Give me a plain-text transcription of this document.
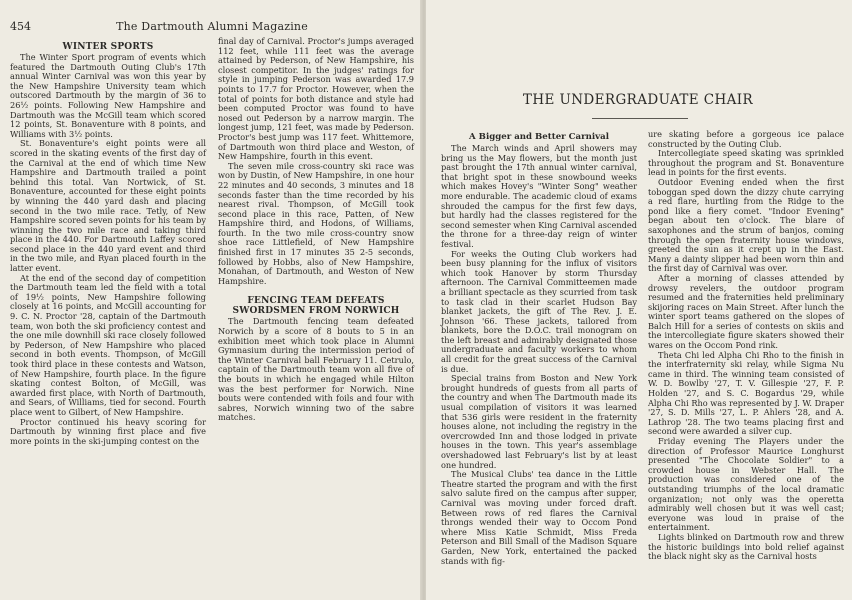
The Dartmouth Alumni Magazine
454
WINTER SPORTS

The Winter Sport program of events which featured the Dartmouth Outing Club's 17th annual Winter Carnival was won this year by the New Hampshire University team which outscored Dartmouth by the margin of 36 to 26½ points. Following New Hampshire and Dartmouth was the McGill team which scored 12 points, St. Bonaventure with 8 points, and Williams with 3½ points.

St. Bonaventure's eight points were all scored in the skating events of the first day of the Carnival at the end of which time New Hampshire and Dartmouth trailed a point behind this total. Van Nortwick, of St. Bonaventure, accounted for these eight points by winning the 440 yard dash and placing second in the two mile race. Tetly, of New Hampshire scored seven points for his team by winning the two mile race and taking third place in the 440. For Dartmouth Laffey scored second place in the 440 yard event and third in the two mile, and Ryan placed fourth in the latter event.

At the end of the second day of competition the Dartmouth team led the field with a total of 19½ points, New Hampshire following closely at 16 points, and McGill accounting for 9. C. N. Proctor '28, captain of the Dartmouth team, won both the ski proficiency contest and the one mile downhill ski race closely followed by Pederson, of New Hampshire who placed second in both events. Thompson, of McGill took third place in these contests and Watson, of New Hampshire, fourth place. In the figure skating contest Bolton, of McGill, was awarded first place, with North of Dartmouth, and Sears, of Williams, tied for second. Fourth place went to Gilbert, of New Hampshire.

Proctor continued his heavy scoring for Dartmouth by winning first place and five more points in the ski-jumping contest on the

final day of Carnival. Proctor's jumps averaged 112 feet, while 111 feet was the average attained by Pederson, of New Hampshire, his closest competitor. In the judges' ratings for style in jumping Pederson was awarded 17.9 points to 17.7 for Proctor. However, when the total of points for both distance and style had been computed Proctor was found to have nosed out Pederson by a narrow margin. The longest jump, 121 feet, was made by Pederson. Proctor's best jump was 117 feet. Whittemore, of Dartmouth won third place and Weston, of New Hampshire, fourth in this event.

The seven mile cross-country ski race was won by Dustin, of New Hampshire, in one hour 22 minutes and 40 seconds, 3 minutes and 18 seconds faster than the time recorded by his nearest rival. Thompson, of McGill took second place in this race, Patten, of New Hampshire third, and Hodons, of Williams, fourth. In the two mile cross-country snow shoe race Littlefield, of New Hampshire finished first in 17 minutes 35 2-5 seconds, followed by Hobbs, also of New Hampshire, Monahan, of Dartmouth, and Weston of New Hampshire.

FENCING TEAM DEFEATS SWORDSMEN FROM NORWICH

The Dartmouth fencing team defeated Norwich by a score of 8 bouts to 5 in an exhibition meet which took place in Alumni Gymnasium during the intermission period of the Winter Carnival ball February 11. Cetrulo, captain of the Dartmouth team won all five of the bouts in which he engaged while Hilton was the best performer for Norwich. Nine bouts were contended with foils and four with sabres, Norwich winning two of the sabre matches.

THE UNDERGRADUATE CHAIR
A Bigger and Better Carnival

The March winds and April showers may bring us the May flowers, but the month just past brought the 17th annual winter carnival, that bright spot in these snowbound weeks which makes Hovey's "Winter Song" weather more endurable. The academic cloud of exams shrouded the campus for the first few days, but hardly had the classes registered for the second semester when King Carnival ascended the throne for a three-day reign of winter festival.

For weeks the Outing Club workers had been busy planning for the influx of visitors which took Hanover by storm Thursday afternoon. The Carnival Committeemen made a brilliant spectacle as they scurried from task to task clad in their scarlet Hudson Bay blanket jackets, the gift of The Rev. J. E. Johnson '66. These jackets, tailored from blankets, bore the D.O.C. trail monogram on the left breast and admirably designated those undergraduate and faculty workers to whom all credit for the great success of the Carnival is due.

Special trains from Boston and New York brought hundreds of guests from all parts of the country and when The Dartmouth made its usual compilation of visitors it was learned that 536 girls were resident in the fraternity houses alone, not including the registry in the overcrowded Inn and those lodged in private houses in the town. This year's assemblage overshadowed last February's list by at least one hundred.

The Musical Clubs' tea dance in the Little Theatre started the program and with the first salvo salute fired on the campus after supper, Carnival was moving under forced draft. Between rows of red flares the Carnival throngs wended their way to Occom Pond where Miss Katie Schmidt, Miss Freda Peterson and Bill Small of the Madison Square Garden, New York, entertained the packed stands with fig-

ure skating before a gorgeous ice palace constructed by the Outing Club.

Intercollegiate speed skating was sprinkled throughout the program and St. Bonaventure lead in points for the first events.

Outdoor Evening ended when the first toboggan sped down the dizzy chute carrying a red flare, hurtling from the Ridge to the pond like a fiery comet. "Indoor Evening" began about ten o'clock. The blare of saxophones and the strum of banjos, coming through the open fraternity house windows, greeted the sun as it crept up in the East. Many a dainty slipper had been worn thin and the first day of Carnival was over.

After a morning of classes attended by drowsy revelers, the outdoor program resumed and the fraternities held preliminary skijoring races on Main Street. After lunch the winter sport teams gathered on the slopes of Balch Hill for a series of contests on skiis and the intercollegiate figure skaters showed their wares on the Occom Pond rink.

Theta Chi led Alpha Chi Rho to the finish in the interfraternity ski relay, while Sigma Nu came in third. The winning team consisted of W. D. Bowlby '27, T. V. Gillespie '27, F. P. Holden '27, and S. C. Bogardus '29, while Alpha Chi Rho was represented by J. W. Draper '27, S. D. Mills '27, L. P. Ahlers '28, and A. Lathrop '28. The two teams placing first and second were awarded a silver cup.

Friday evening The Players under the direction of Professor Maurice Longhurst presented "The Chocolate Soldier" to a crowded house in Webster Hall. The production was considered one of the outstanding triumphs of the local dramatic organization; not only was the operetta admirably well chosen but it was well cast; everyone was loud in praise of the entertainment.

Lights blinked on Dartmouth row and threw the historic buildings into bold relief against the black night sky as the Carnival hosts
